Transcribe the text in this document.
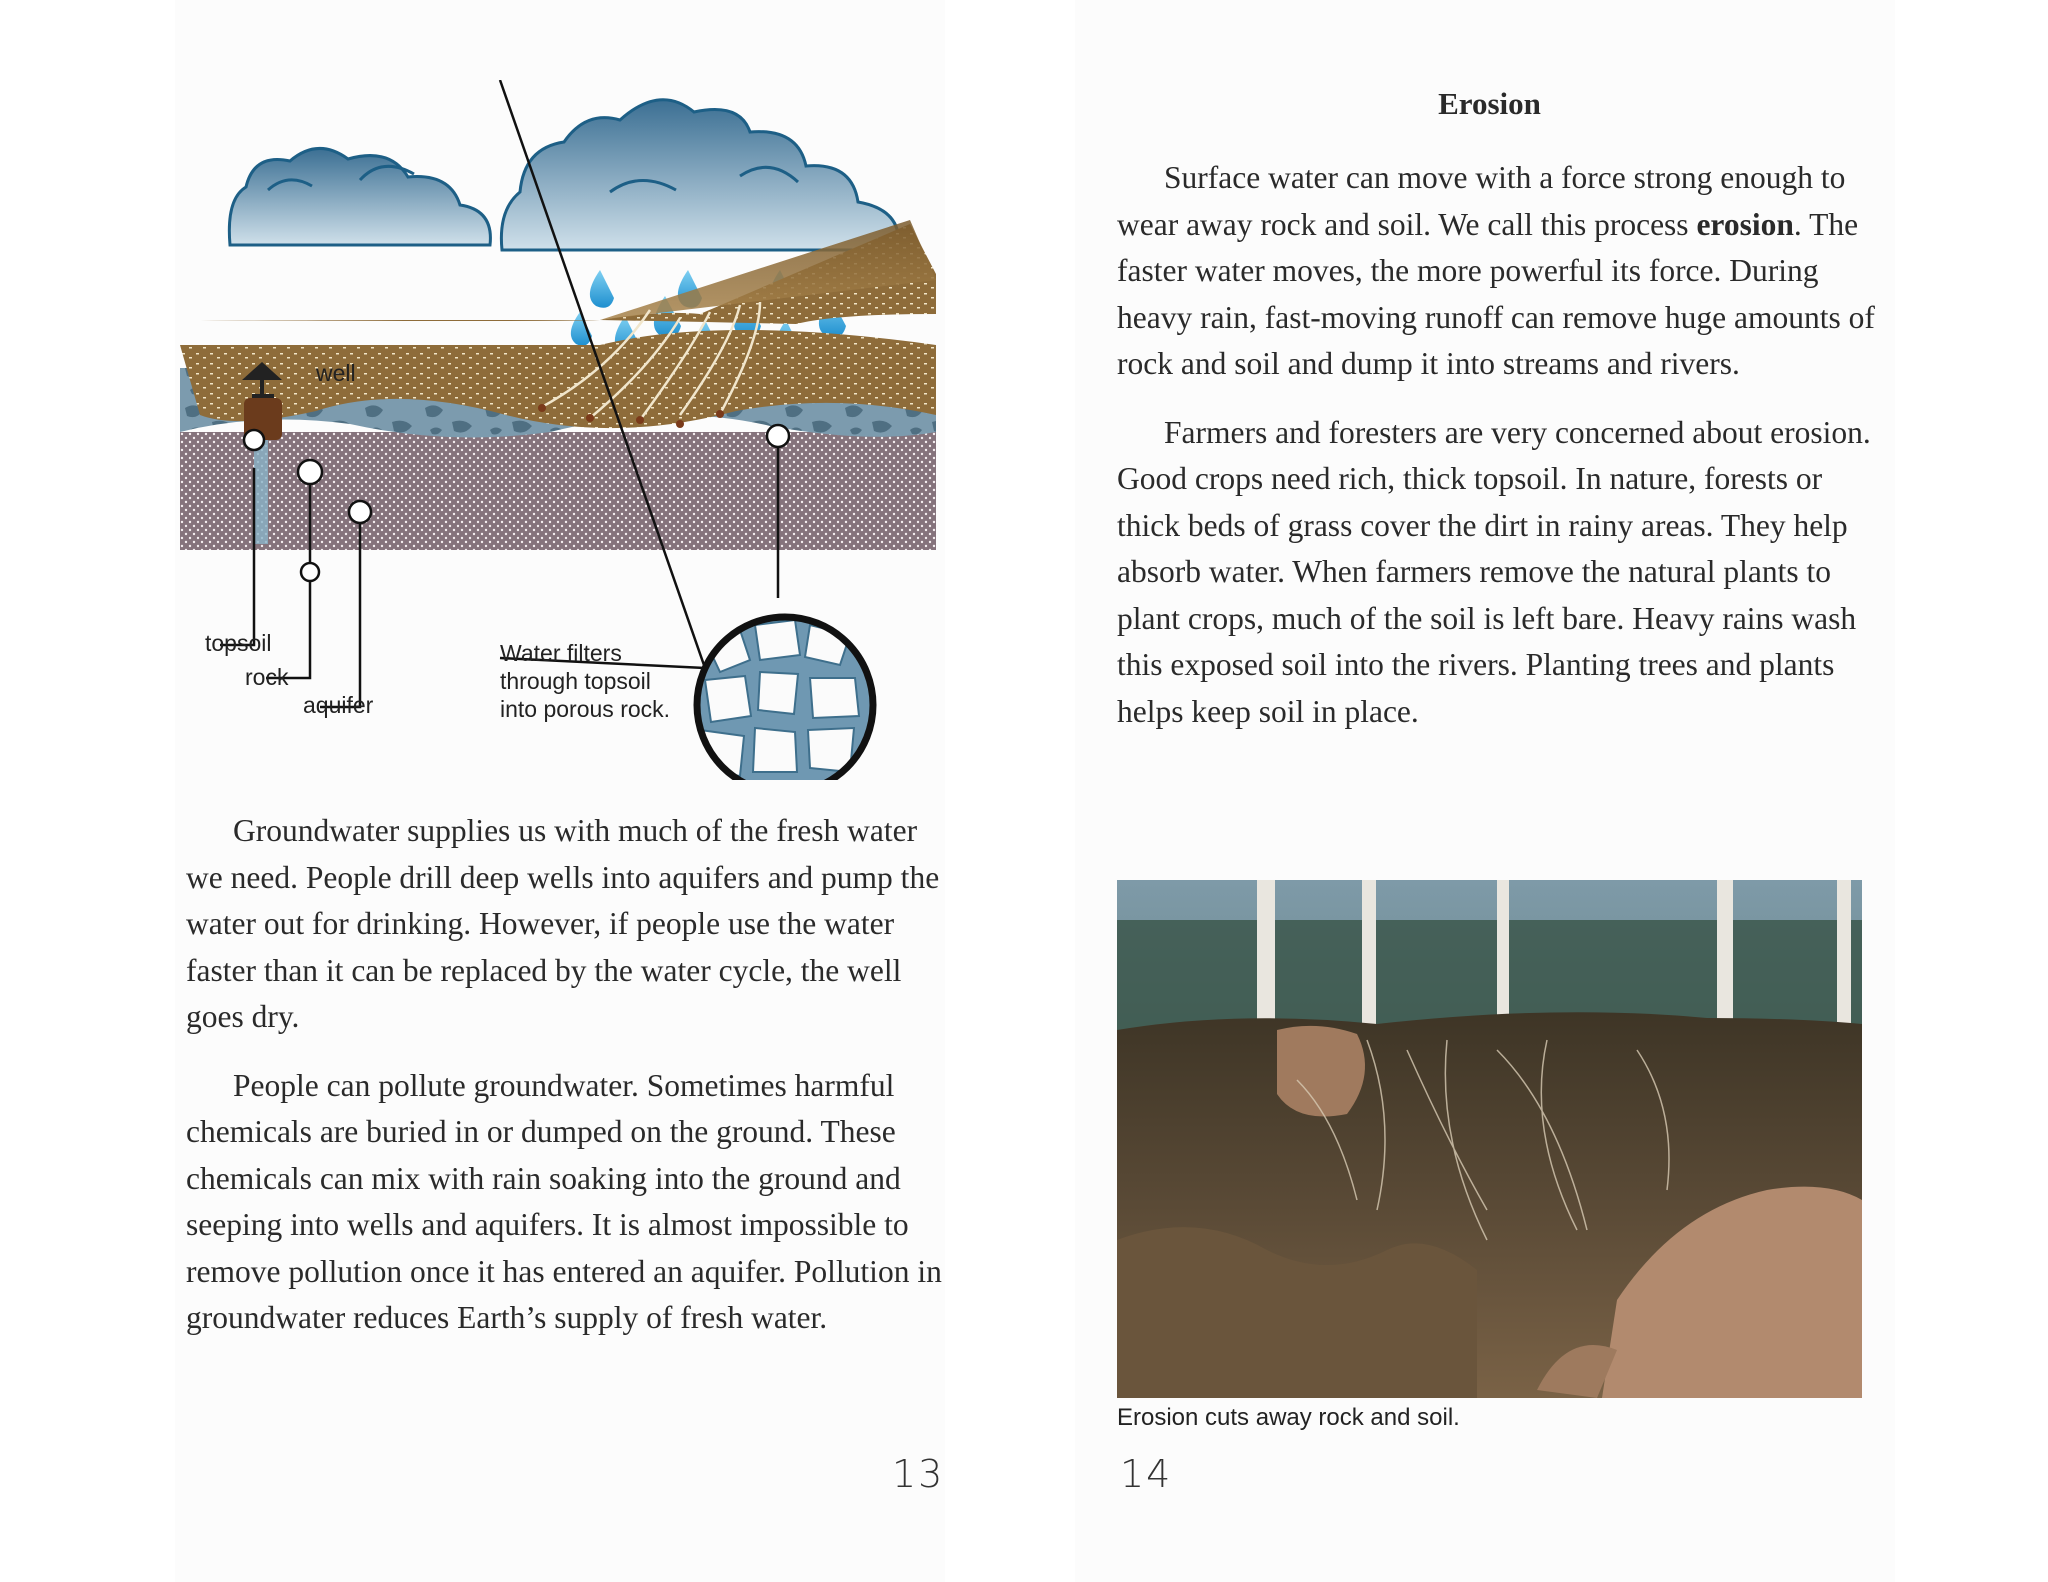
well
topsoil
rock
aquifer
Water filters
through topsoil
into porous rock.

Groundwater supplies us with much of the fresh water we need. People drill deep wells into aquifers and pump the water out for drinking. However, if people use the water faster than it can be replaced by the water cycle, the well goes dry.

People can pollute groundwater. Sometimes harmful chemicals are buried in or dumped on the ground. These chemicals can mix with rain soaking into the ground and seeping into wells and aquifers. It is almost impossible to remove pollution once it has entered an aquifer. Pollution in groundwater reduces Earth’s supply of fresh water.

13
Erosion

Surface water can move with a force strong enough to wear away rock and soil. We call this process erosion. The faster water moves, the more powerful its force. During heavy rain, fast-moving runoff can remove huge amounts of rock and soil and dump it into streams and rivers.

Farmers and foresters are very concerned about erosion. Good crops need rich, thick topsoil. In nature, forests or thick beds of grass cover the dirt in rainy areas. They help absorb water. When farmers remove the natural plants to plant crops, much of the soil is left bare. Heavy rains wash this exposed soil into the rivers. Planting trees and plants helps keep soil in place.

Erosion cuts away rock and soil.
14
